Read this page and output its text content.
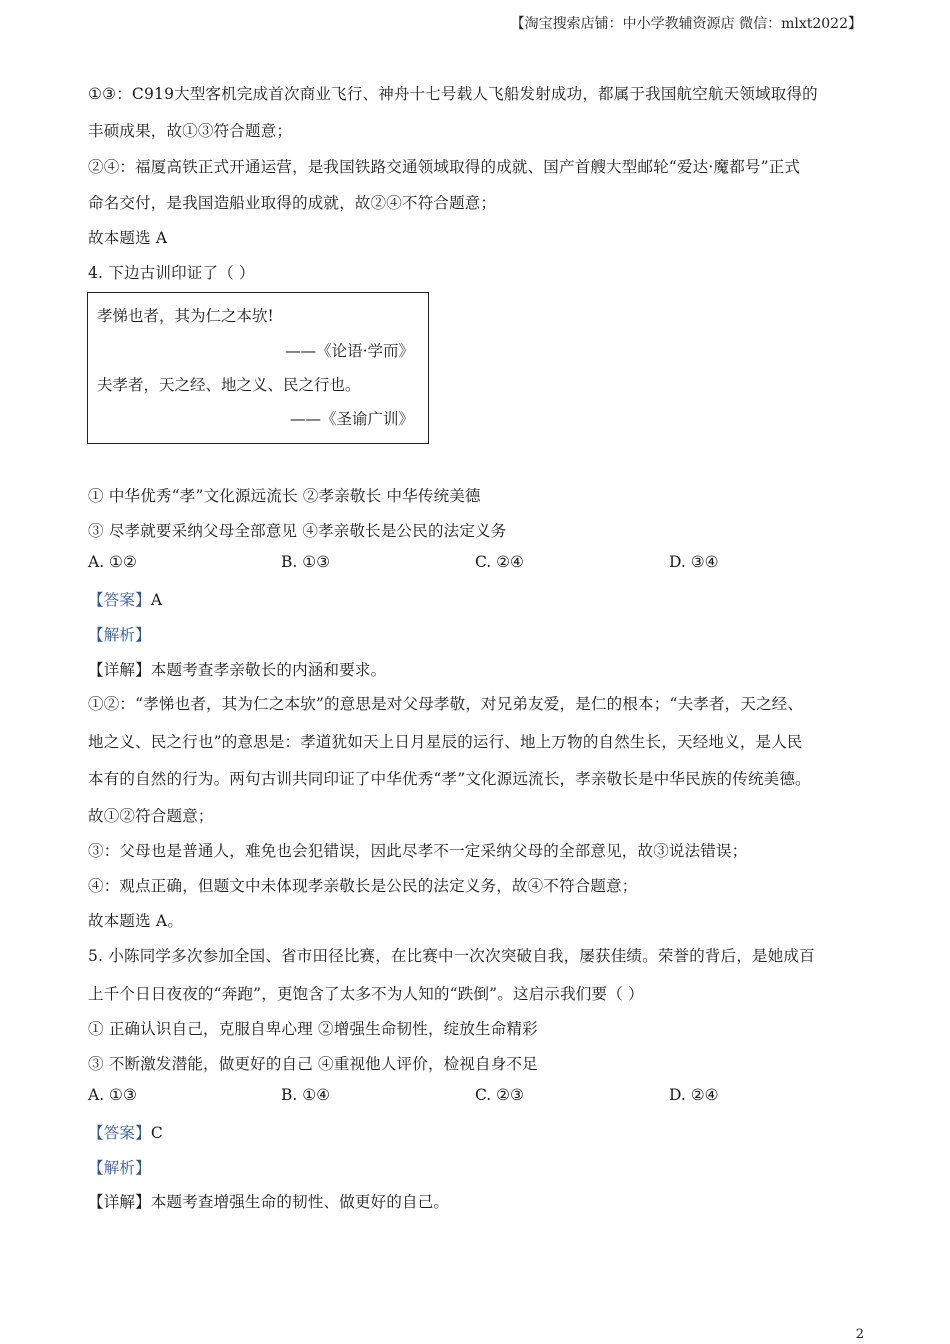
【淘宝搜索店铺：中小学教辅资源店 微信：mlxt2022】
①③：C919大型客机完成首次商业飞行、神舟十七号载人飞船发射成功，都属于我国航空航天领域取得的
丰硕成果，故①③符合题意；
②④：福厦高铁正式开通运营，是我国铁路交通领域取得的成就、国产首艘大型邮轮“爱达·魔都号”正式
命名交付，是我国造船业取得的成就，故②④不符合题意；
故本题选 A
4. 下边古训印证了（ ）
孝悌也者，其为仁之本欤!
——《论语·学而》
夫孝者，天之经、地之义、民之行也。
——《圣谕广训》
① 中华优秀“孝”文化源远流长 ②孝亲敬长 中华传统美德
③ 尽孝就要采纳父母全部意见 ④孝亲敬长是公民的法定义务
A. ①②	B. ①③	C. ②④	D. ③④
【答案】A
【解析】
【详解】本题考查孝亲敬长的内涵和要求。
①②：“孝悌也者，其为仁之本欤”的意思是对父母孝敬，对兄弟友爱，是仁的根本；“夫孝者，天之经、
地之义、民之行也”的意思是：孝道犹如天上日月星辰的运行、地上万物的自然生长，天经地义，是人民
本有的自然的行为。两句古训共同印证了中华优秀“孝”文化源远流长，孝亲敬长是中华民族的传统美德。
故①②符合题意；
③：父母也是普通人，难免也会犯错误，因此尽孝不一定采纳父母的全部意见，故③说法错误；
④：观点正确，但题文中未体现孝亲敬长是公民的法定义务，故④不符合题意；
故本题选 A。
5. 小陈同学多次参加全国、省市田径比赛，在比赛中一次次突破自我，屡获佳绩。荣誉的背后，是她成百
上千个日日夜夜的“奔跑”，更饱含了太多不为人知的“跌倒”。这启示我们要（ ）
① 正确认识自己，克服自卑心理 ②增强生命韧性，绽放生命精彩
③ 不断激发潜能，做更好的自己 ④重视他人评价，检视自身不足
A. ①③	B. ①④	C. ②③	D. ②④
【答案】C
【解析】
【详解】本题考查增强生命的韧性、做更好的自己。
2
